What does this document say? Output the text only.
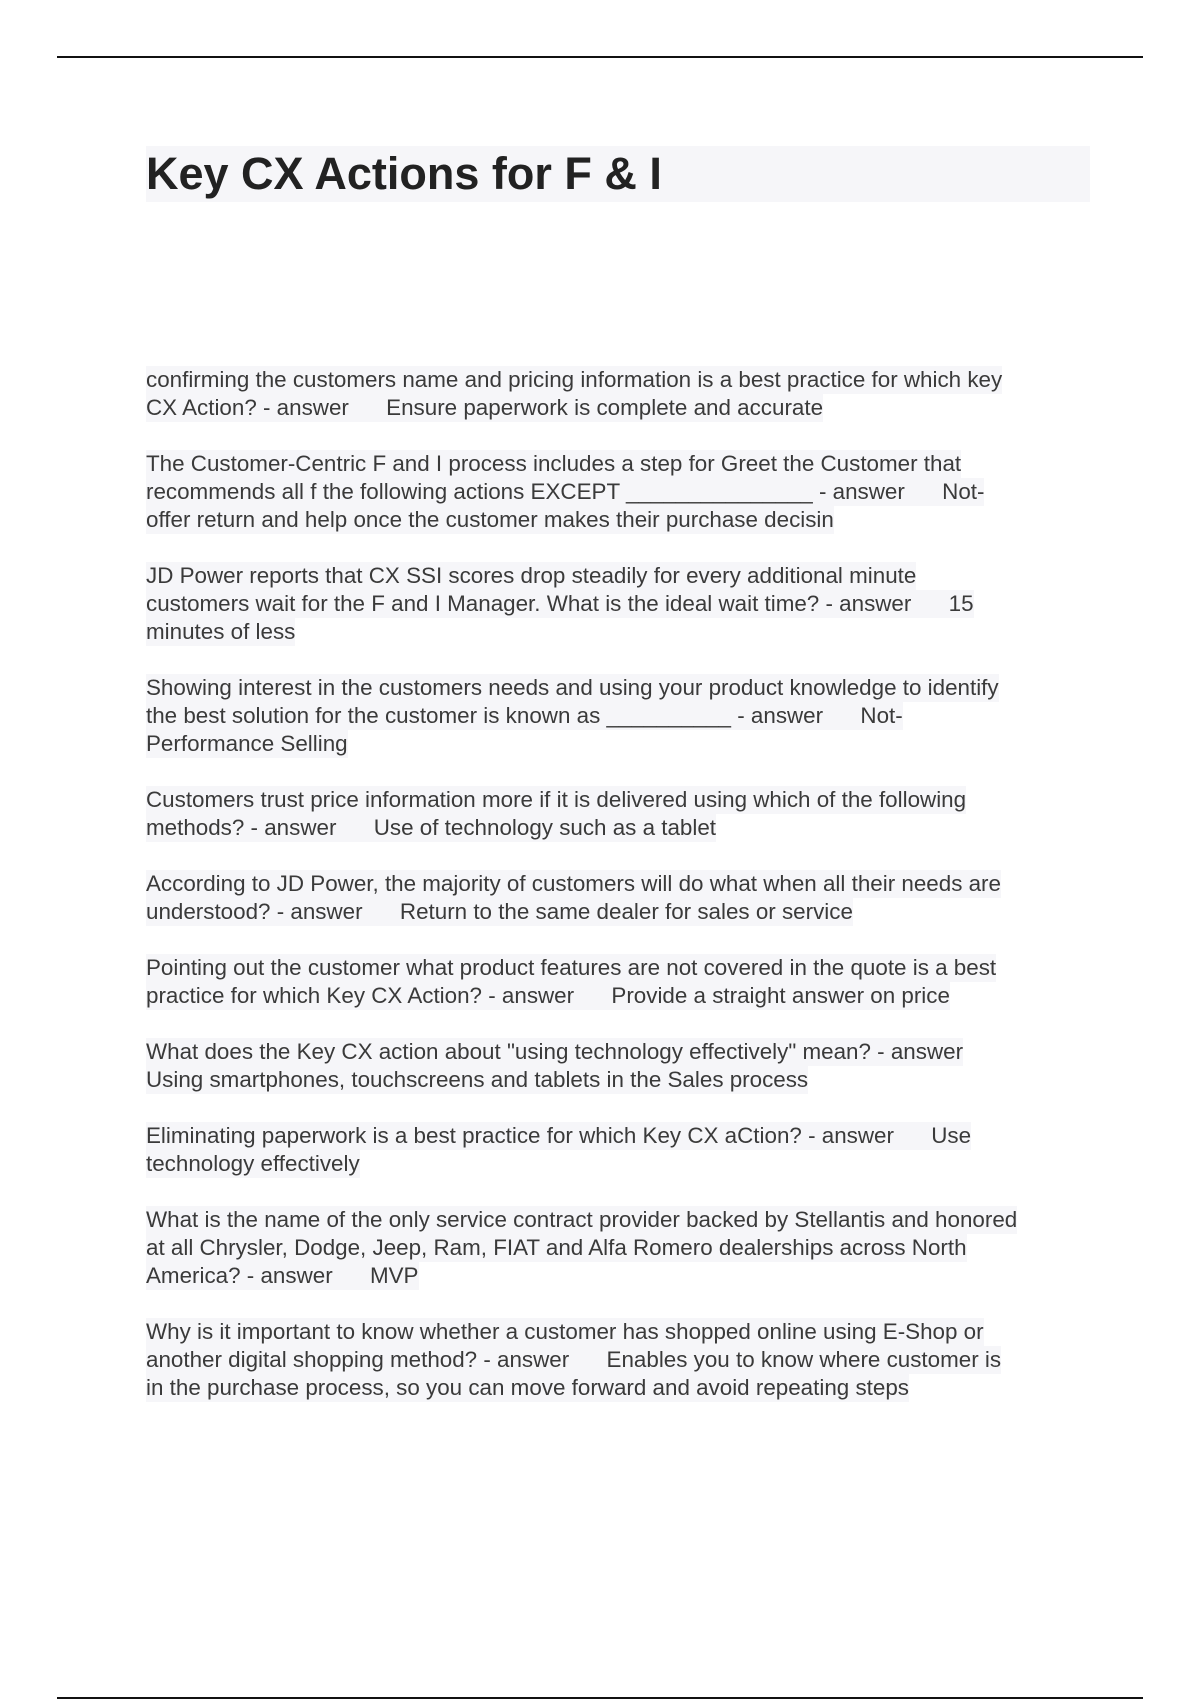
Key CX Actions for F & I

confirming the customers name and pricing information is a best practice for which key
CX Action? - answer      Ensure paperwork is complete and accurate

The Customer-Centric F and I process includes a step for Greet the Customer that
recommends all f the following actions EXCEPT _______________ - answer      Not-
offer return and help once the customer makes their purchase decisin

JD Power reports that CX SSI scores drop steadily for every additional minute
customers wait for the F and I Manager. What is the ideal wait time? - answer      15
minutes of less

Showing interest in the customers needs and using your product knowledge to identify
the best solution for the customer is known as __________ - answer      Not-
Performance Selling

Customers trust price information more if it is delivered using which of the following
methods? - answer      Use of technology such as a tablet

According to JD Power, the majority of customers will do what when all their needs are
understood? - answer      Return to the same dealer for sales or service

Pointing out the customer what product features are not covered in the quote is a best
practice for which Key CX Action? - answer      Provide a straight answer on price

What does the Key CX action about "using technology effectively" mean? - answer
Using smartphones, touchscreens and tablets in the Sales process

Eliminating paperwork is a best practice for which Key CX aCtion? - answer      Use
technology effectively

What is the name of the only service contract provider backed by Stellantis and honored
at all Chrysler, Dodge, Jeep, Ram, FIAT and Alfa Romero dealerships across North
America? - answer      MVP

Why is it important to know whether a customer has shopped online using E-Shop or
another digital shopping method? - answer      Enables you to know where customer is
in the purchase process, so you can move forward and avoid repeating steps
